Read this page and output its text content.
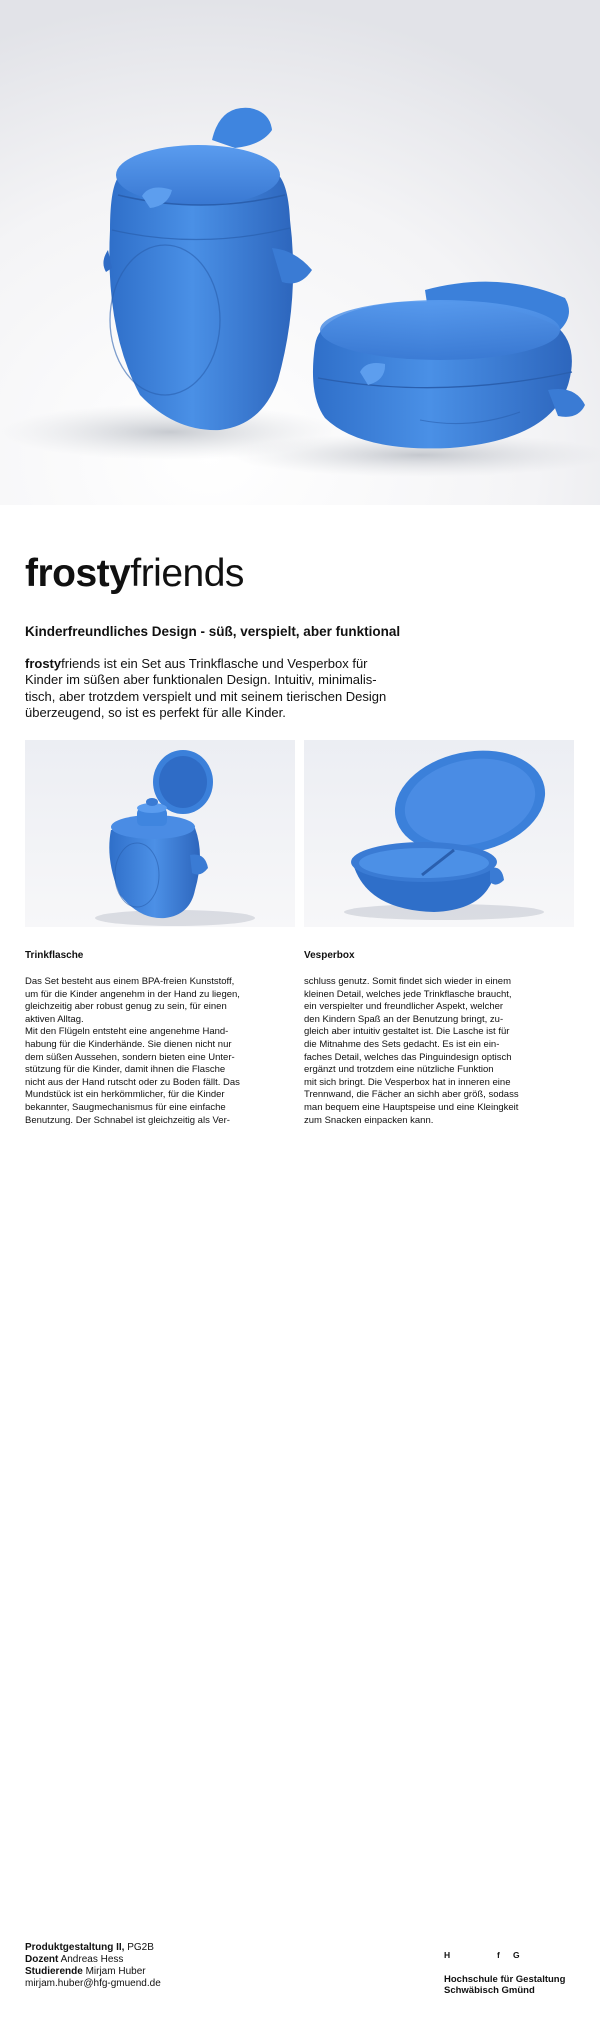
frostyfriends
Kinderfreundliches Design - süß, verspielt, aber funktional
frostyfriends ist ein Set aus Trinkflasche und Vesperbox für
Kinder im süßen aber funktionalen Design. Intuitiv, minimalis-
tisch, aber trotzdem verspielt und mit seinem tierischen Design
überzeugend, so ist es perfekt für alle Kinder.
Trinkflasche	Vesperbox
Das Set besteht aus einem BPA-freien Kunststoff,
um für die Kinder angenehm in der Hand zu liegen,
gleichzeitig aber robust genug zu sein, für einen
aktiven Alltag.
Mit den Flügeln entsteht eine angenehme Hand-
habung für die Kinderhände. Sie dienen nicht nur
dem süßen Aussehen, sondern bieten eine Unter-
stützung für die Kinder, damit ihnen die Flasche
nicht aus der Hand rutscht oder zu Boden fällt. Das
Mundstück ist ein herkömmlicher, für die Kinder
bekannter, Saugmechanismus für eine einfache
Benutzung. Der Schnabel ist gleichzeitig als Ver-
schluss genutz. Somit findet sich wieder in einem
kleinen Detail, welches jede Trinkflasche braucht,
ein verspielter und freundlicher Aspekt, welcher
den Kindern Spaß an der Benutzung bringt, zu-
gleich aber intuitiv gestaltet ist. Die Lasche ist für
die Mitnahme des Sets gedacht. Es ist ein ein-
faches Detail, welches das Pinguindesign optisch
ergänzt und trotzdem eine nützliche Funktion
mit sich bringt. Die Vesperbox hat in inneren eine
Trennwand, die Fächer an sichh aber größ, sodass
man bequem eine Hauptspeise und eine Kleingkeit
zum Snacken einpacken kann.
Produktgestaltung II, PG2B
Dozent Andreas Hess
Studierende Mirjam Huber
mirjam.huber@hfg-gmuend.de
H	f G
Hochschule für Gestaltung
Schwäbisch Gmünd
